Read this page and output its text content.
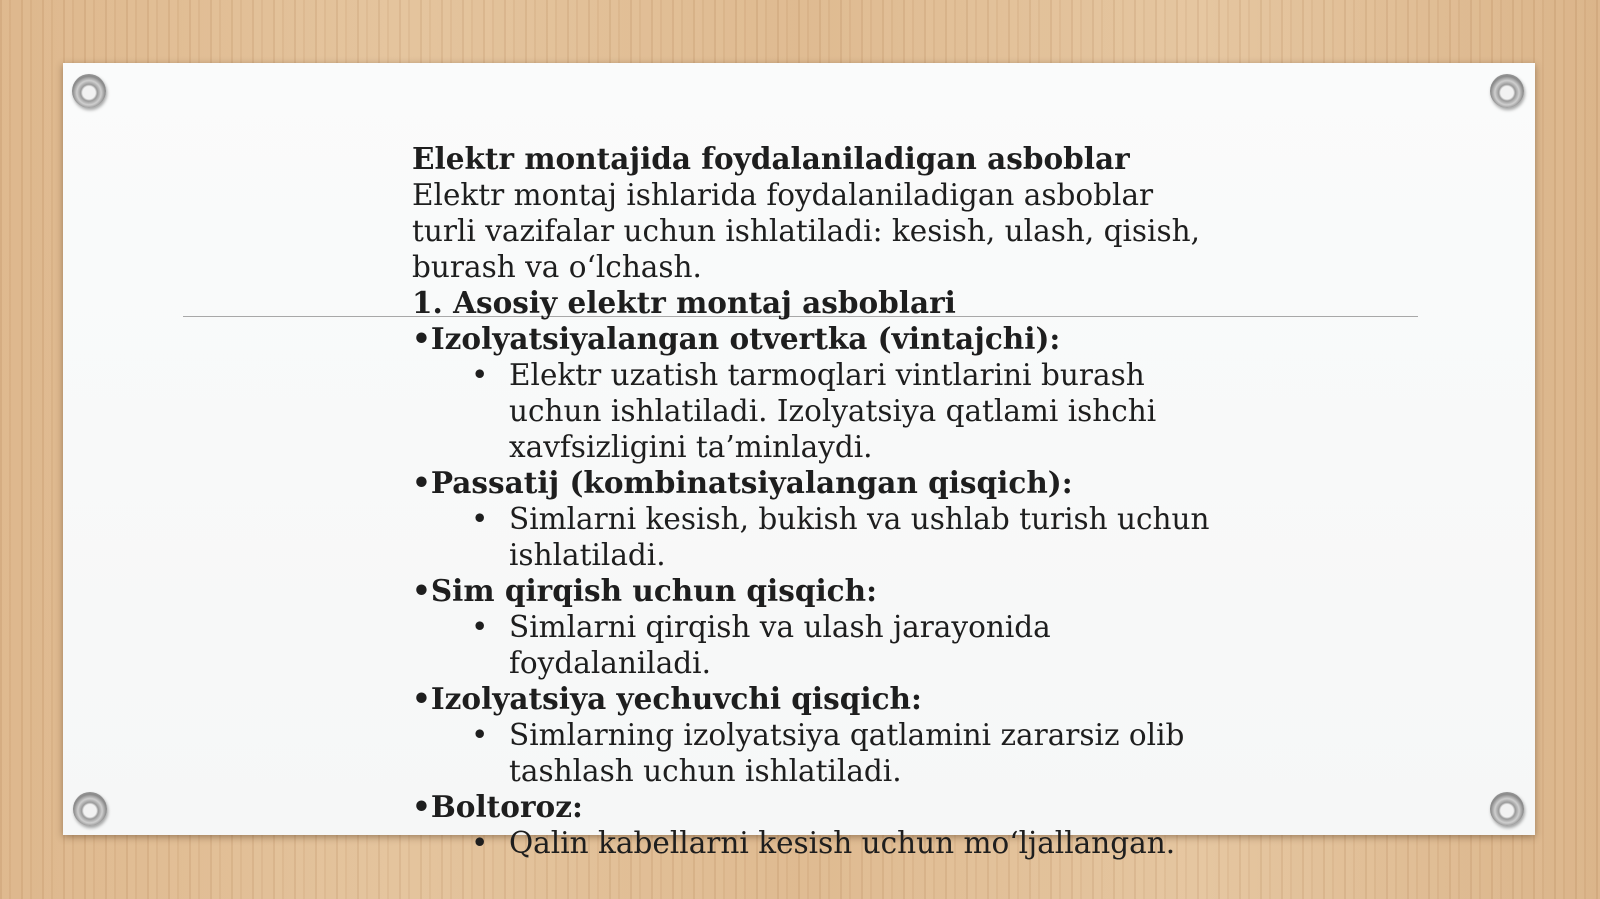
Elektr montajida foydalaniladigan asboblar
Elektr montaj ishlarida foydalaniladigan asboblar
turli vazifalar uchun ishlatiladi: kesish, ulash, qisish,
burash va o‘lchash.
1. Asosiy elektr montaj asboblari
•Izolyatsiyalangan otvertka (vintajchi):
• Elektr uzatish tarmoqlari vintlarini burash
uchun ishlatiladi. Izolyatsiya qatlami ishchi
xavfsizligini ta’minlaydi.
•Passatij (kombinatsiyalangan qisqich):
• Simlarni kesish, bukish va ushlab turish uchun
ishlatiladi.
•Sim qirqish uchun qisqich:
• Simlarni qirqish va ulash jarayonida
foydalaniladi.
•Izolyatsiya yechuvchi qisqich:
• Simlarning izolyatsiya qatlamini zararsiz olib
tashlash uchun ishlatiladi.
•Boltoroz:
• Qalin kabellarni kesish uchun mo‘ljallangan.
